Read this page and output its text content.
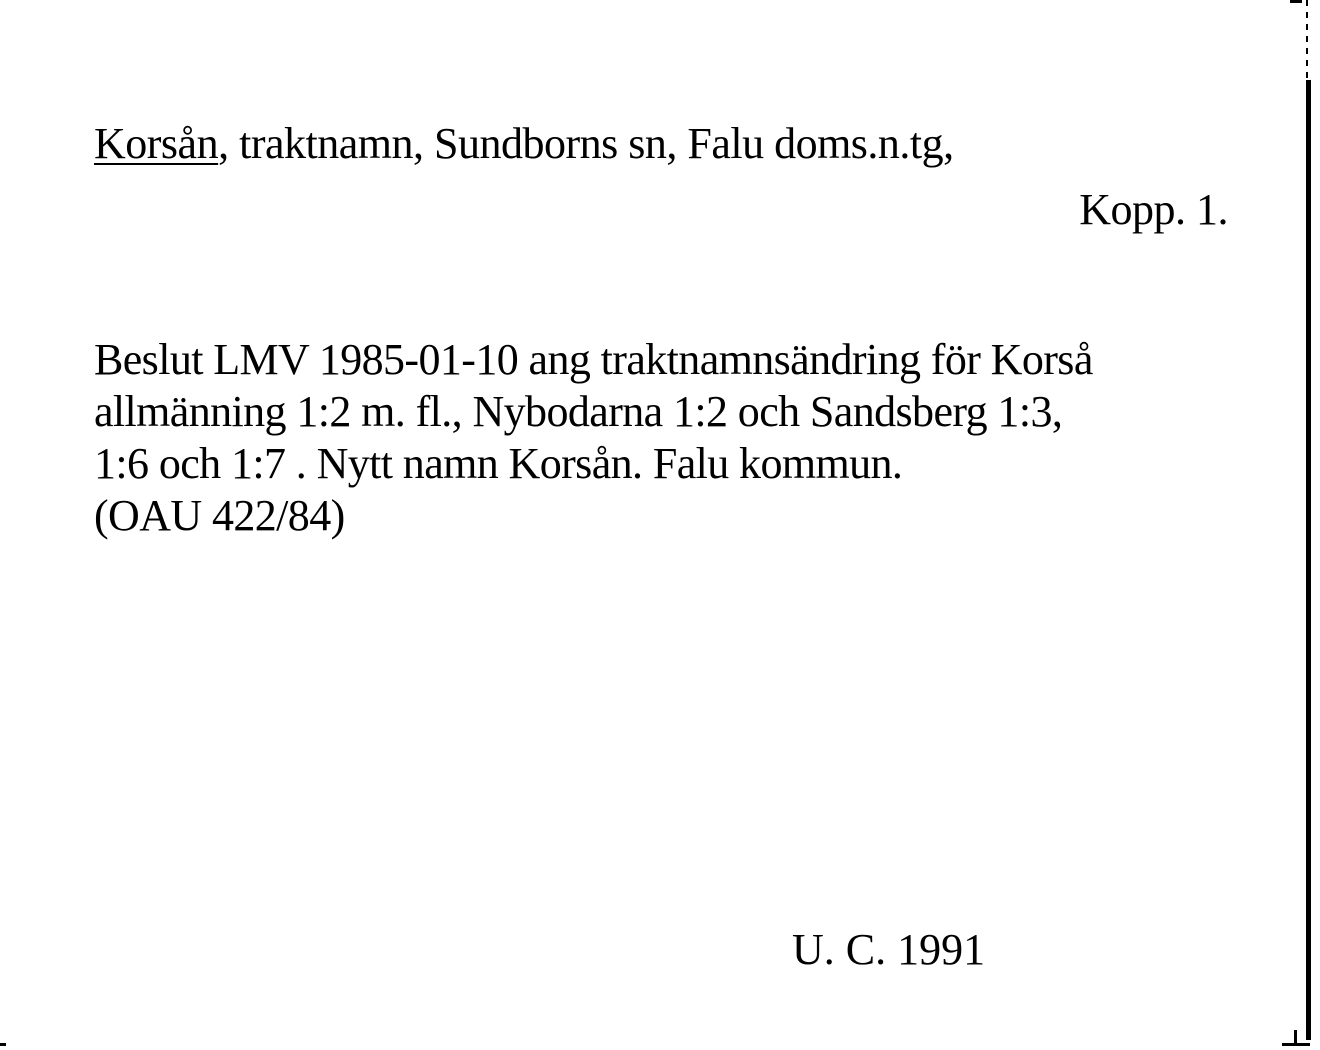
Korsån, traktnamn, Sundborns sn, Falu doms.n.tg,
Kopp. 1.
Beslut LMV 1985-01-10 ang traktnamnsändring för Korså
allmänning 1:2 m. fl., Nybodarna 1:2 och Sandsberg 1:3,
1:6 och 1:7 . Nytt namn Korsån. Falu kommun.
(OAU 422/84)
U. C. 1991
